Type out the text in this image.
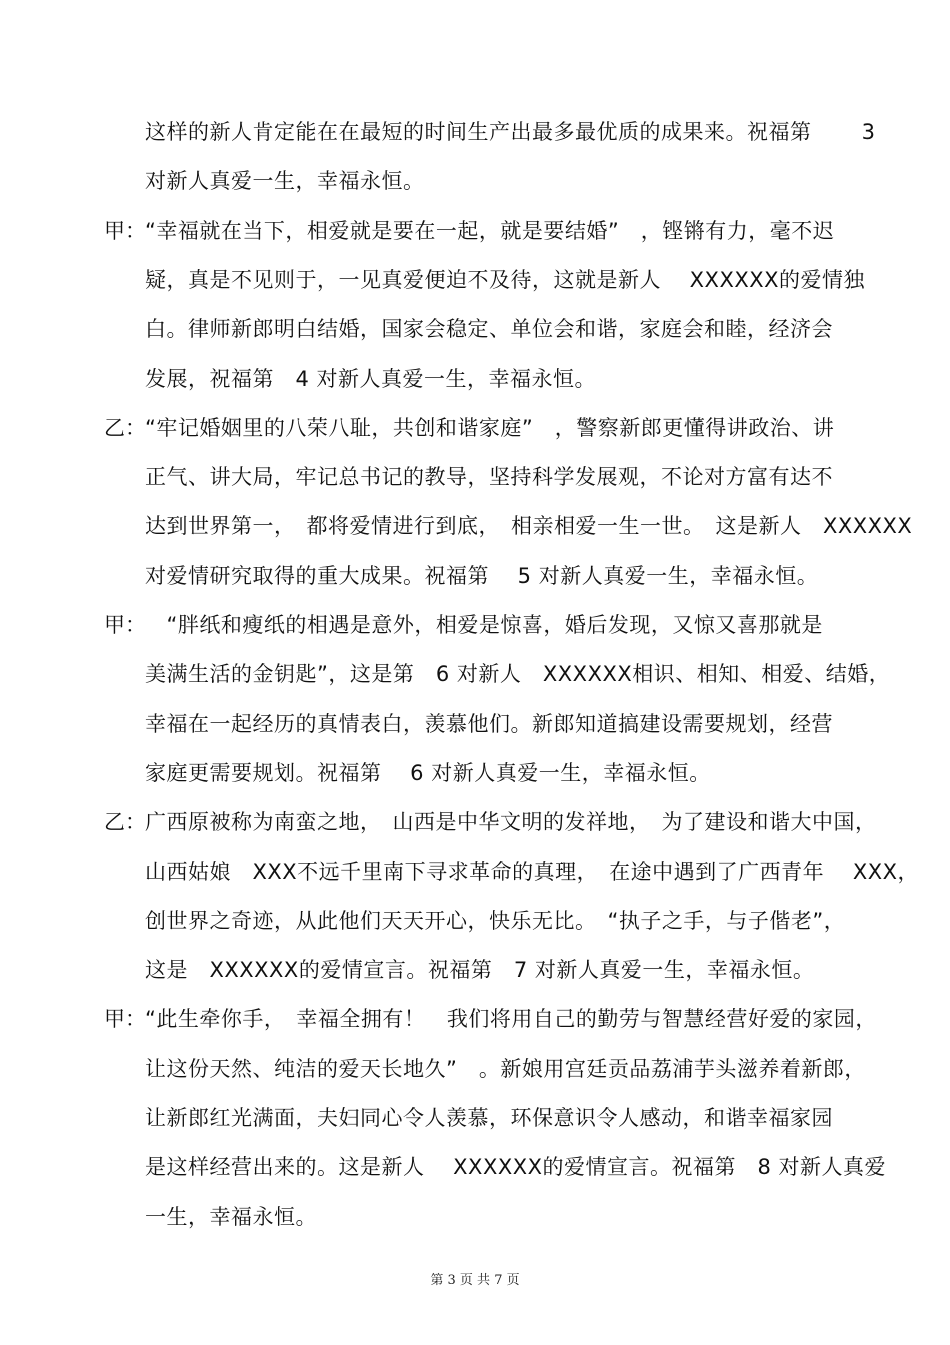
这样的新人肯定能在在最短的时间生产出最多最优质的成果来。祝福第　　 3
对新人真爱一生，幸福永恒。
甲： “幸福就在当下，相爱就是要在一起，就是要结婚”　，铿锵有力，毫不迟
疑，真是不见则于，一见真爱便迫不及待，这就是新人　 XXXXXX的爱情独
白。律师新郎明白结婚，国家会稳定、单位会和谐，家庭会和睦，经济会
发展，祝福第　4 对新人真爱一生，幸福永恒。
乙： “牢记婚姻里的八荣八耻，共创和谐家庭”　，警察新郎更懂得讲政治、讲
正气、讲大局，牢记总书记的教导，坚持科学发展观，不论对方富有达不
达到世界第一，　都将爱情进行到底，　相亲相爱一生一世。　这是新人　XXXXXX
对爱情研究取得的重大成果。祝福第　 5 对新人真爱一生，幸福永恒。
甲： 　“胖纸和瘦纸的相遇是意外，相爱是惊喜，婚后发现，又惊又喜那就是
美满生活的金钥匙”，这是第　6 对新人　XXXXXX相识、相知、相爱、结婚，
幸福在一起经历的真情表白，羡慕他们。新郎知道搞建设需要规划，经营
家庭更需要规划。祝福第　 6 对新人真爱一生，幸福永恒。
乙： 广西原被称为南蛮之地，　山西是中华文明的发祥地，　为了建设和谐大中国，
山西姑娘　XXX不远千里南下寻求革命的真理，　在途中遇到了广西青年　 XXX，
创世界之奇迹，从此他们天天开心，快乐无比。　“执子之手，与子偕老”，
这是　XXXXXX的爱情宣言。祝福第　7 对新人真爱一生，幸福永恒。
甲： “此生牵你手，　幸福全拥有！　我们将用自己的勤劳与智慧经营好爱的家园，
让这份天然、纯洁的爱天长地久”　。新娘用宫廷贡品荔浦芋头滋养着新郎，
让新郎红光满面，夫妇同心令人羡慕，环保意识令人感动，和谐幸福家园
是这样经营出来的。这是新人　 XXXXXX的爱情宣言。祝福第　8 对新人真爱
一生，幸福永恒。
第 3 页 共 7 页
